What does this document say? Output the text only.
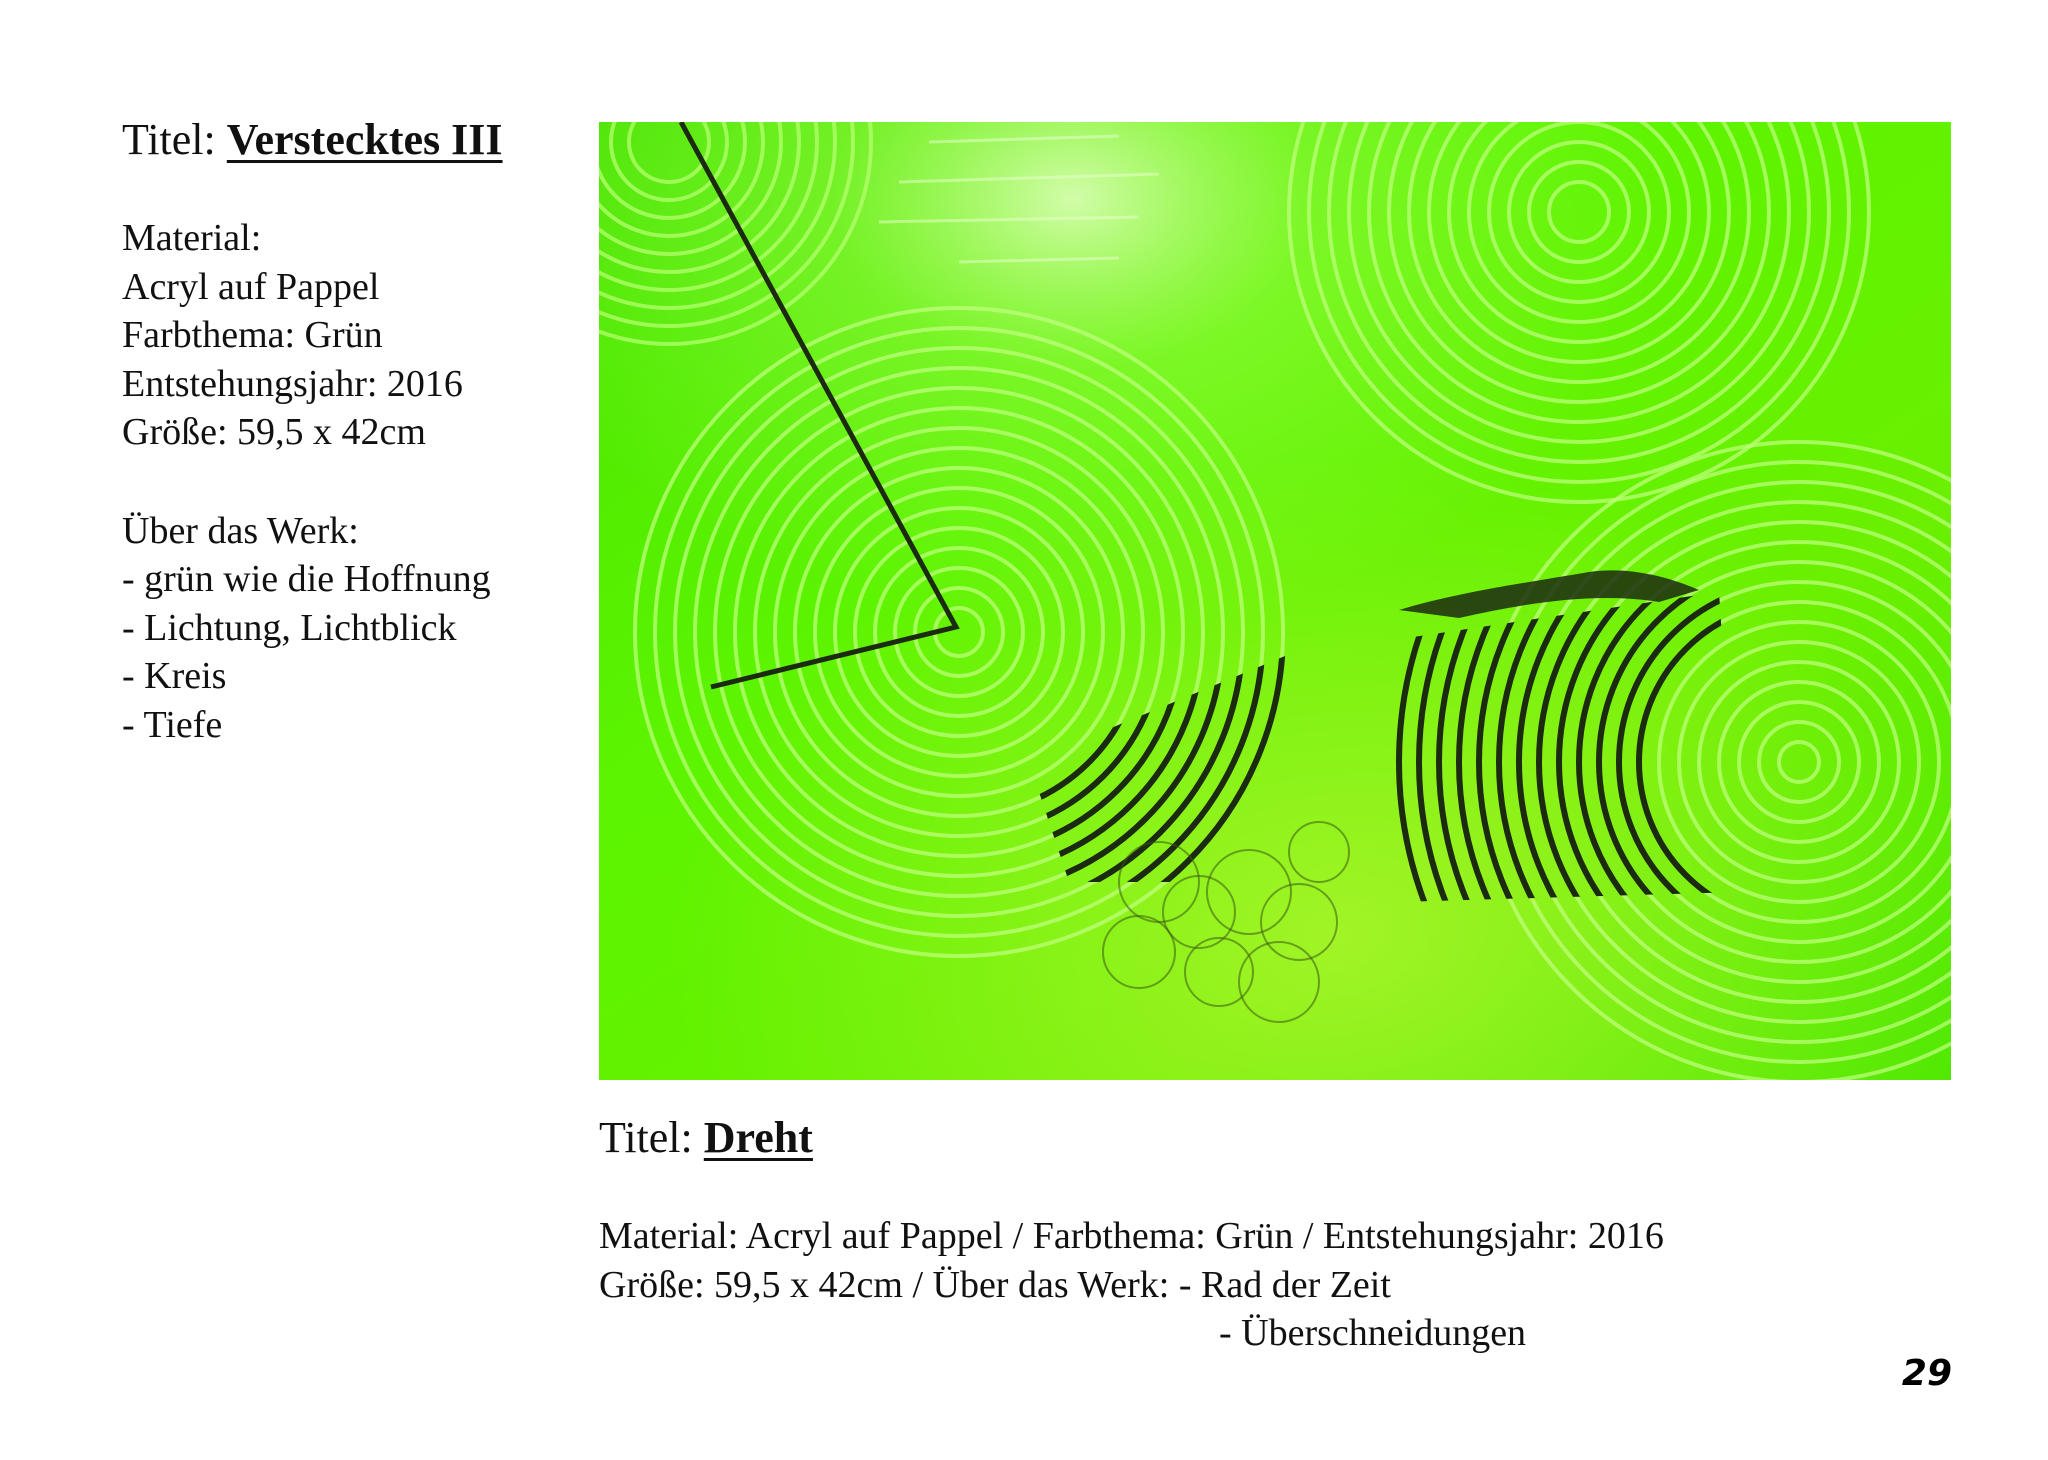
Titel: Verstecktes III
Material:
Acryl auf Pappel
Farbthema: Grün
Entstehungsjahr: 2016
Größe: 59,5 x 42cm
Über das Werk:
- grün wie die Hoffnung
- Lichtung, Lichtblick
- Kreis
- Tiefe
Titel: Dreht
Material: Acryl auf Pappel / Farbthema: Grün / Entstehungsjahr: 2016
Größe: 59,5 x 42cm / Über das Werk: - Rad der Zeit
- Überschneidungen
29
